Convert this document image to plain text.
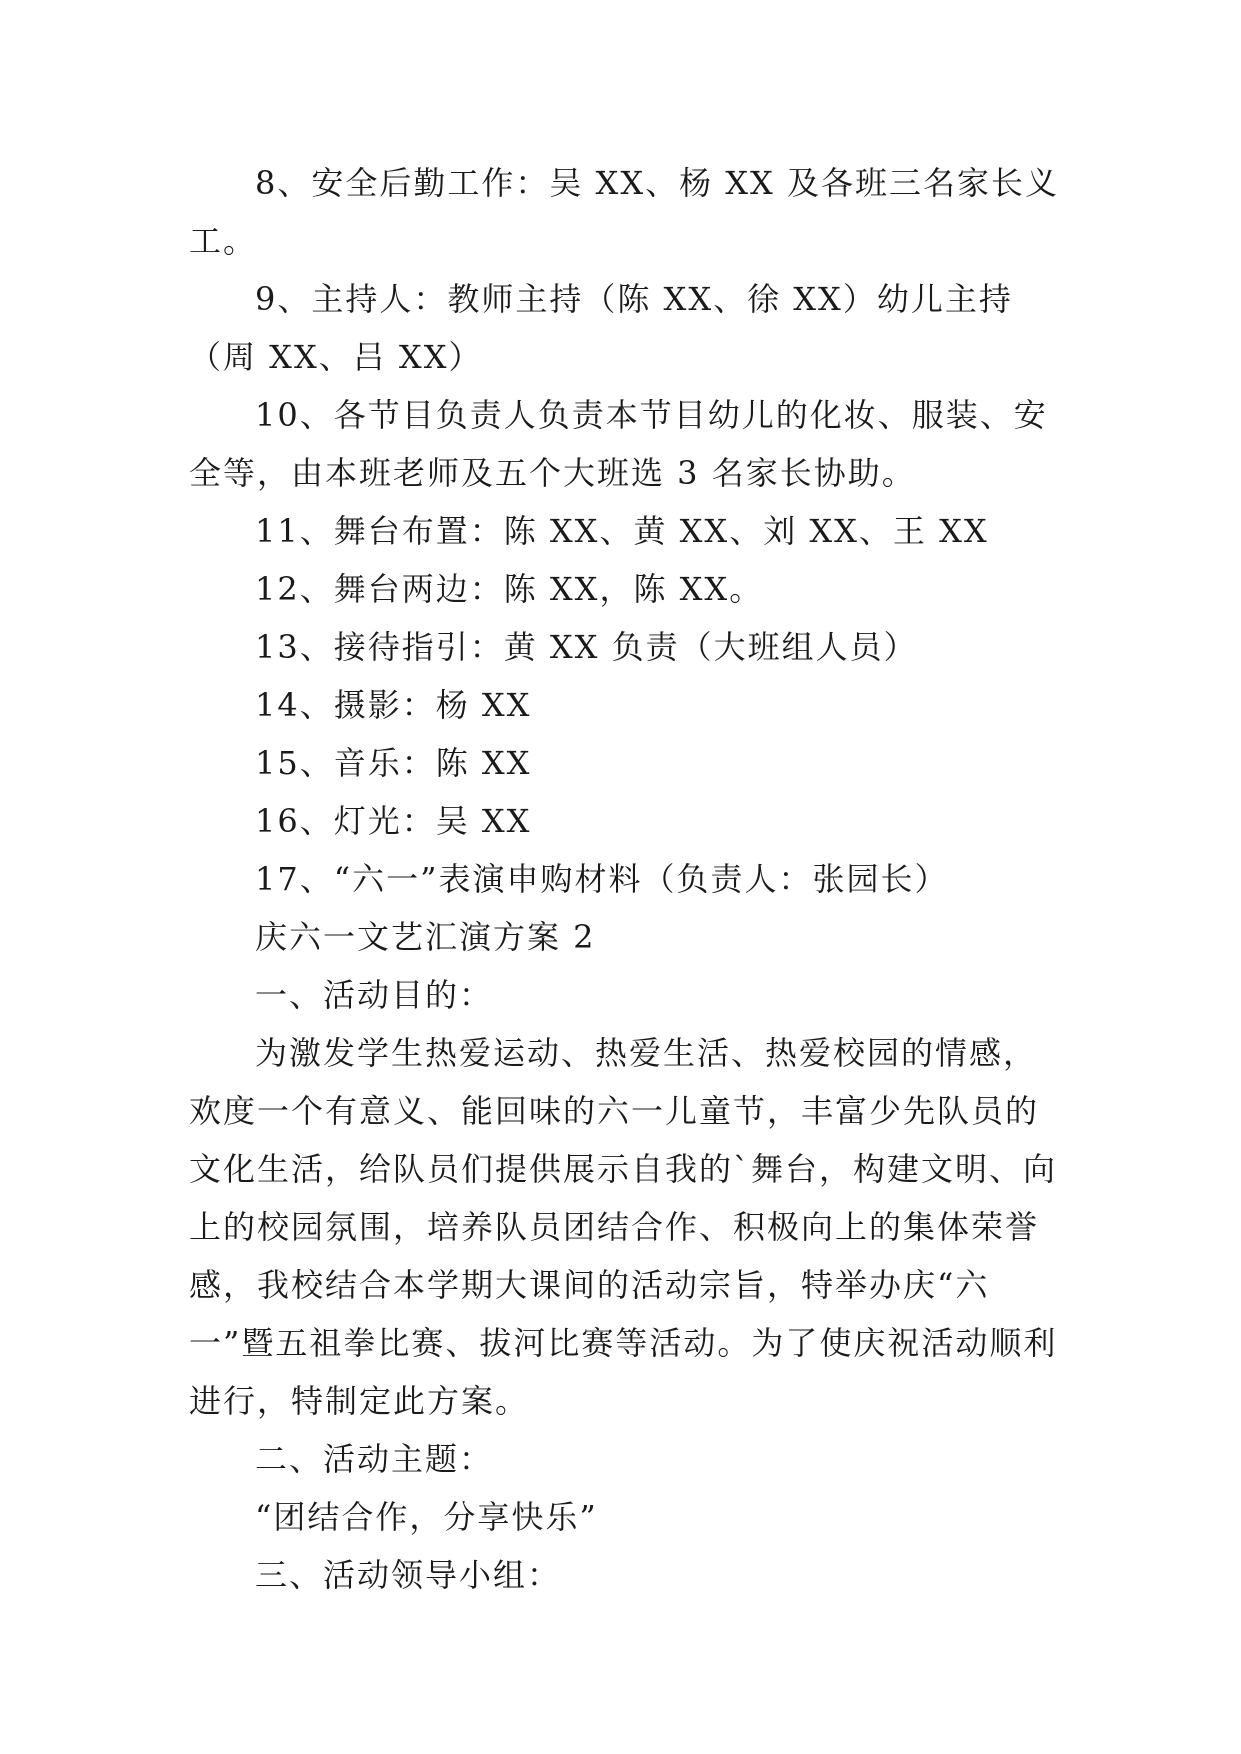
8、安全后勤工作：吴 XX、杨 XX 及各班三名家长义工。

9、主持人：教师主持（陈 XX、徐 XX）幼儿主持（周 XX、吕 XX）

10、各节目负责人负责本节目幼儿的化妆、服装、安全等，由本班老师及五个大班选 3 名家长协助。

11、舞台布置：陈 XX、黄 XX、刘 XX、王 XX

12、舞台两边：陈 XX，陈 XX。

13、接待指引：黄 XX 负责（大班组人员）

14、摄影：杨 XX

15、音乐：陈 XX

16、灯光：吴 XX

17、“六一”表演申购材料（负责人：张园长）

庆六一文艺汇演方案 2

一、活动目的：

为激发学生热爱运动、热爱生活、热爱校园的情感，欢度一个有意义、能回味的六一儿童节，丰富少先队员的文化生活，给队员们提供展示自我的`舞台，构建文明、向上的校园氛围，培养队员团结合作、积极向上的集体荣誉感，我校结合本学期大课间的活动宗旨，特举办庆“六一”暨五祖拳比赛、拔河比赛等活动。为了使庆祝活动顺利进行，特制定此方案。

二、活动主题：

“团结合作，分享快乐”

三、活动领导小组：
